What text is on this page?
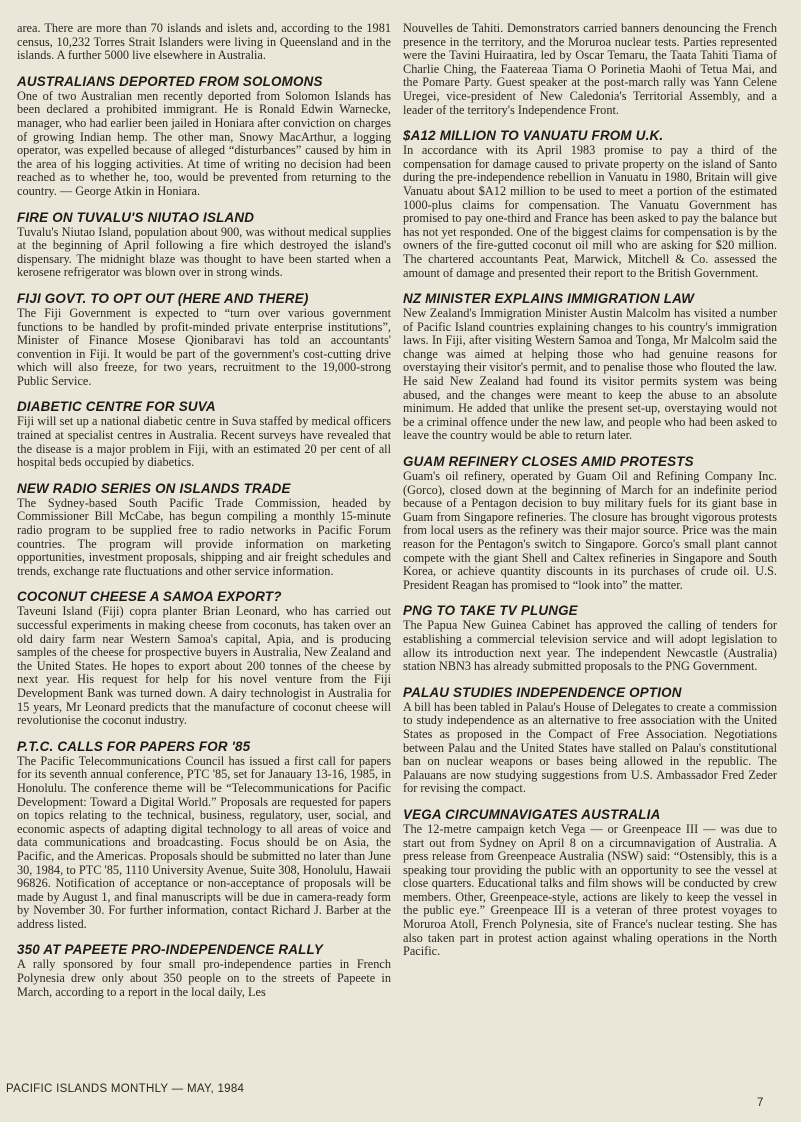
area. There are more than 70 islands and islets and, according to the 1981 census, 10,232 Torres Strait Islanders were living in Queensland and in the islands. A further 5000 live elsewhere in Australia.

AUSTRALIANS DEPORTED FROM SOLOMONS

One of two Australian men recently deported from Solomon Islands has been declared a prohibited immigrant. He is Ronald Edwin Warnecke, manager, who had earlier been jailed in Honiara after conviction on charges of growing Indian hemp. The other man, Snowy MacArthur, a logging operator, was expelled because of alleged “disturbances” caused by him in the area of his logging activities. At time of writing no decision had been reached as to whether he, too, would be prevented from returning to the country. — George Atkin in Honiara.

FIRE ON TUVALU'S NIUTAO ISLAND

Tuvalu's Niutao Island, population about 900, was without medical supplies at the beginning of April following a fire which destroyed the island's dispensary. The midnight blaze was thought to have been started when a kerosene refrigerator was blown over in strong winds.

FIJI GOVT. TO OPT OUT (HERE AND THERE)

The Fiji Government is expected to “turn over various government functions to be handled by profit-minded private enterprise institutions”, Minister of Finance Mosese Qionibaravi has told an accountants' convention in Fiji. It would be part of the government's cost-cutting drive which will also freeze, for two years, recruitment to the 19,000-strong Public Service.

DIABETIC CENTRE FOR SUVA

Fiji will set up a national diabetic centre in Suva staffed by medical officers trained at specialist centres in Australia. Recent surveys have revealed that the disease is a major problem in Fiji, with an estimated 20 per cent of all hospital beds occupied by diabetics.

NEW RADIO SERIES ON ISLANDS TRADE

The Sydney-based South Pacific Trade Commission, headed by Commissioner Bill McCabe, has begun compiling a monthly 15-minute radio program to be supplied free to radio networks in Pacific Forum countries. The program will provide information on marketing opportunities, investment proposals, shipping and air freight schedules and trends, exchange rate fluctuations and other service information.

COCONUT CHEESE A SAMOA EXPORT?

Taveuni Island (Fiji) copra planter Brian Leonard, who has carried out successful experiments in making cheese from coconuts, has taken over an old dairy farm near Western Samoa's capital, Apia, and is producing samples of the cheese for prospective buyers in Australia, New Zealand and the United States. He hopes to export about 200 tonnes of the cheese by next year. His request for help for his novel venture from the Fiji Development Bank was turned down. A dairy technologist in Australia for 15 years, Mr Leonard predicts that the manufacture of coconut cheese will revolutionise the coconut industry.

P.T.C. CALLS FOR PAPERS FOR '85

The Pacific Telecommunications Council has issued a first call for papers for its seventh annual conference, PTC '85, set for Janauary 13-16, 1985, in Honolulu. The conference theme will be “Telecommunications for Pacific Development: Toward a Digital World.” Proposals are requested for papers on topics relating to the technical, business, regulatory, user, social, and economic aspects of adapting digital technology to all areas of voice and data communications and broadcasting. Focus should be on Asia, the Pacific, and the Americas. Proposals should be submitted no later than June 30, 1984, to PTC '85, 1110 University Avenue, Suite 308, Honolulu, Hawaii 96826. Notification of acceptance or non-acceptance of proposals will be made by August 1, and final manuscripts will be due in camera-ready form by November 30. For further information, contact Richard J. Barber at the address listed.

350 AT PAPEETE PRO-INDEPENDENCE RALLY

A rally sponsored by four small pro-independence parties in French Polynesia drew only about 350 people on to the streets of Papeete in March, according to a report in the local daily, Les

Nouvelles de Tahiti. Demonstrators carried banners denouncing the French presence in the territory, and the Moruroa nuclear tests. Parties represented were the Tavini Huiraatira, led by Oscar Temaru, the Taata Tahiti Tiama of Charlie Ching, the Faatereaa Tiama O Porinetia Maohi of Tetua Mai, and the Pomare Party. Guest speaker at the post-march rally was Yann Celene Uregei, vice-president of New Caledonia's Territorial Assembly, and a leader of the territory's Independence Front.

$A12 MILLION TO VANUATU FROM U.K.

In accordance with its April 1983 promise to pay a third of the compensation for damage caused to private property on the island of Santo during the pre-independence rebellion in Vanuatu in 1980, Britain will give Vanuatu about $A12 million to be used to meet a portion of the estimated 1000-plus claims for compensation. The Vanuatu Government has promised to pay one-third and France has been asked to pay the balance but has not yet responded. One of the biggest claims for compensation is by the owners of the fire-gutted coconut oil mill who are asking for $20 million. The chartered accountants Peat, Marwick, Mitchell & Co. assessed the amount of damage and presented their report to the British Government.

NZ MINISTER EXPLAINS IMMIGRATION LAW

New Zealand's Immigration Minister Austin Malcolm has visited a number of Pacific Island countries explaining changes to his country's immigration laws. In Fiji, after visiting Western Samoa and Tonga, Mr Malcolm said the change was aimed at helping those who had genuine reasons for overstaying their visitor's permit, and to penalise those who flouted the law. He said New Zealand had found its visitor permits system was being abused, and the changes were meant to keep the abuse to an absolute minimum. He added that unlike the present set-up, overstaying would not be a criminal offence under the new law, and people who had been asked to leave the country would be able to return later.

GUAM REFINERY CLOSES AMID PROTESTS

Guam's oil refinery, operated by Guam Oil and Refining Company Inc. (Gorco), closed down at the beginning of March for an indefinite period because of a Pentagon decision to buy military fuels for its giant base in Guam from Singapore refineries. The closure has brought vigorous protests from local users as the refinery was their major source. Price was the main reason for the Pentagon's switch to Singapore. Gorco's small plant cannot compete with the giant Shell and Caltex refineries in Singapore and South Korea, or achieve quantity discounts in its purchases of crude oil. U.S. President Reagan has promised to “look into” the matter.

PNG TO TAKE TV PLUNGE

The Papua New Guinea Cabinet has approved the calling of tenders for establishing a commercial television service and will adopt legislation to allow its introduction next year. The independent Newcastle (Australia) station NBN3 has already submitted proposals to the PNG Government.

PALAU STUDIES INDEPENDENCE OPTION

A bill has been tabled in Palau's House of Delegates to create a commission to study independence as an alternative to free association with the United States as proposed in the Compact of Free Association. Negotiations between Palau and the United States have stalled on Palau's constitutional ban on nuclear weapons or bases being allowed in the republic. The Palauans are now studying suggestions from U.S. Ambassador Fred Zeder for revising the compact.

VEGA CIRCUMNAVIGATES AUSTRALIA

The 12-metre campaign ketch Vega — or Greenpeace III — was due to start out from Sydney on April 8 on a circumnavigation of Australia. A press release from Greenpeace Australia (NSW) said: “Ostensibly, this is a speaking tour providing the public with an opportunity to see the vessel at close quarters. Educational talks and film shows will be conducted by crew members. Other, Greenpeace-style, actions are likely to keep the vessel in the public eye.” Greenpeace III is a veteran of three protest voyages to Moruroa Atoll, French Polynesia, site of France's nuclear testing. She has also taken part in protest action against whaling operations in the North Pacific.

PACIFIC ISLANDS MONTHLY — MAY, 1984
7
